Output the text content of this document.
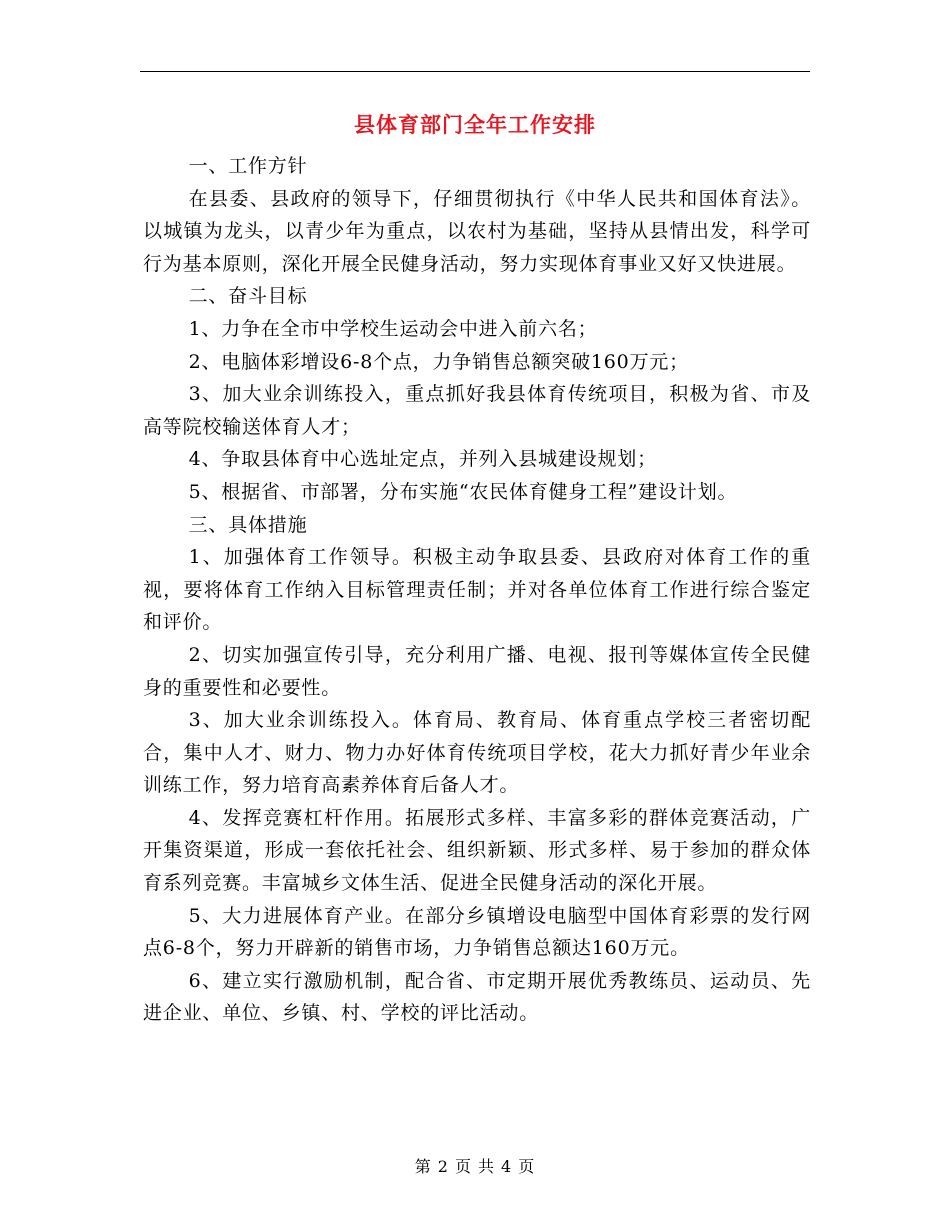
县体育部门全年工作安排

一、工作方针

在县委、县政府的领导下，仔细贯彻执行《中华人民共和国体育法》。以城镇为龙头，以青少年为重点，以农村为基础，坚持从县情出发，科学可行为基本原则，深化开展全民健身活动，努力实现体育事业又好又快进展。

二、奋斗目标

1、力争在全市中学校生运动会中进入前六名；

2、电脑体彩增设6-8个点，力争销售总额突破160万元；

3、加大业余训练投入，重点抓好我县体育传统项目，积极为省、市及高等院校输送体育人才；

4、争取县体育中心选址定点，并列入县城建设规划；

5、根据省、市部署，分布实施“农民体育健身工程”建设计划。

三、具体措施

1、加强体育工作领导。积极主动争取县委、县政府对体育工作的重视，要将体育工作纳入目标管理责任制；并对各单位体育工作进行综合鉴定和评价。

2、切实加强宣传引导，充分利用广播、电视、报刊等媒体宣传全民健身的重要性和必要性。

3、加大业余训练投入。体育局、教育局、体育重点学校三者密切配合，集中人才、财力、物力办好体育传统项目学校，花大力抓好青少年业余训练工作，努力培育高素养体育后备人才。

4、发挥竞赛杠杆作用。拓展形式多样、丰富多彩的群体竞赛活动，广开集资渠道，形成一套依托社会、组织新颖、形式多样、易于参加的群众体育系列竞赛。丰富城乡文体生活、促进全民健身活动的深化开展。

5、大力进展体育产业。在部分乡镇增设电脑型中国体育彩票的发行网点6-8个，努力开辟新的销售市场，力争销售总额达160万元。

6、建立实行激励机制，配合省、市定期开展优秀教练员、运动员、先进企业、单位、乡镇、村、学校的评比活动。

第 2 页 共 4 页
